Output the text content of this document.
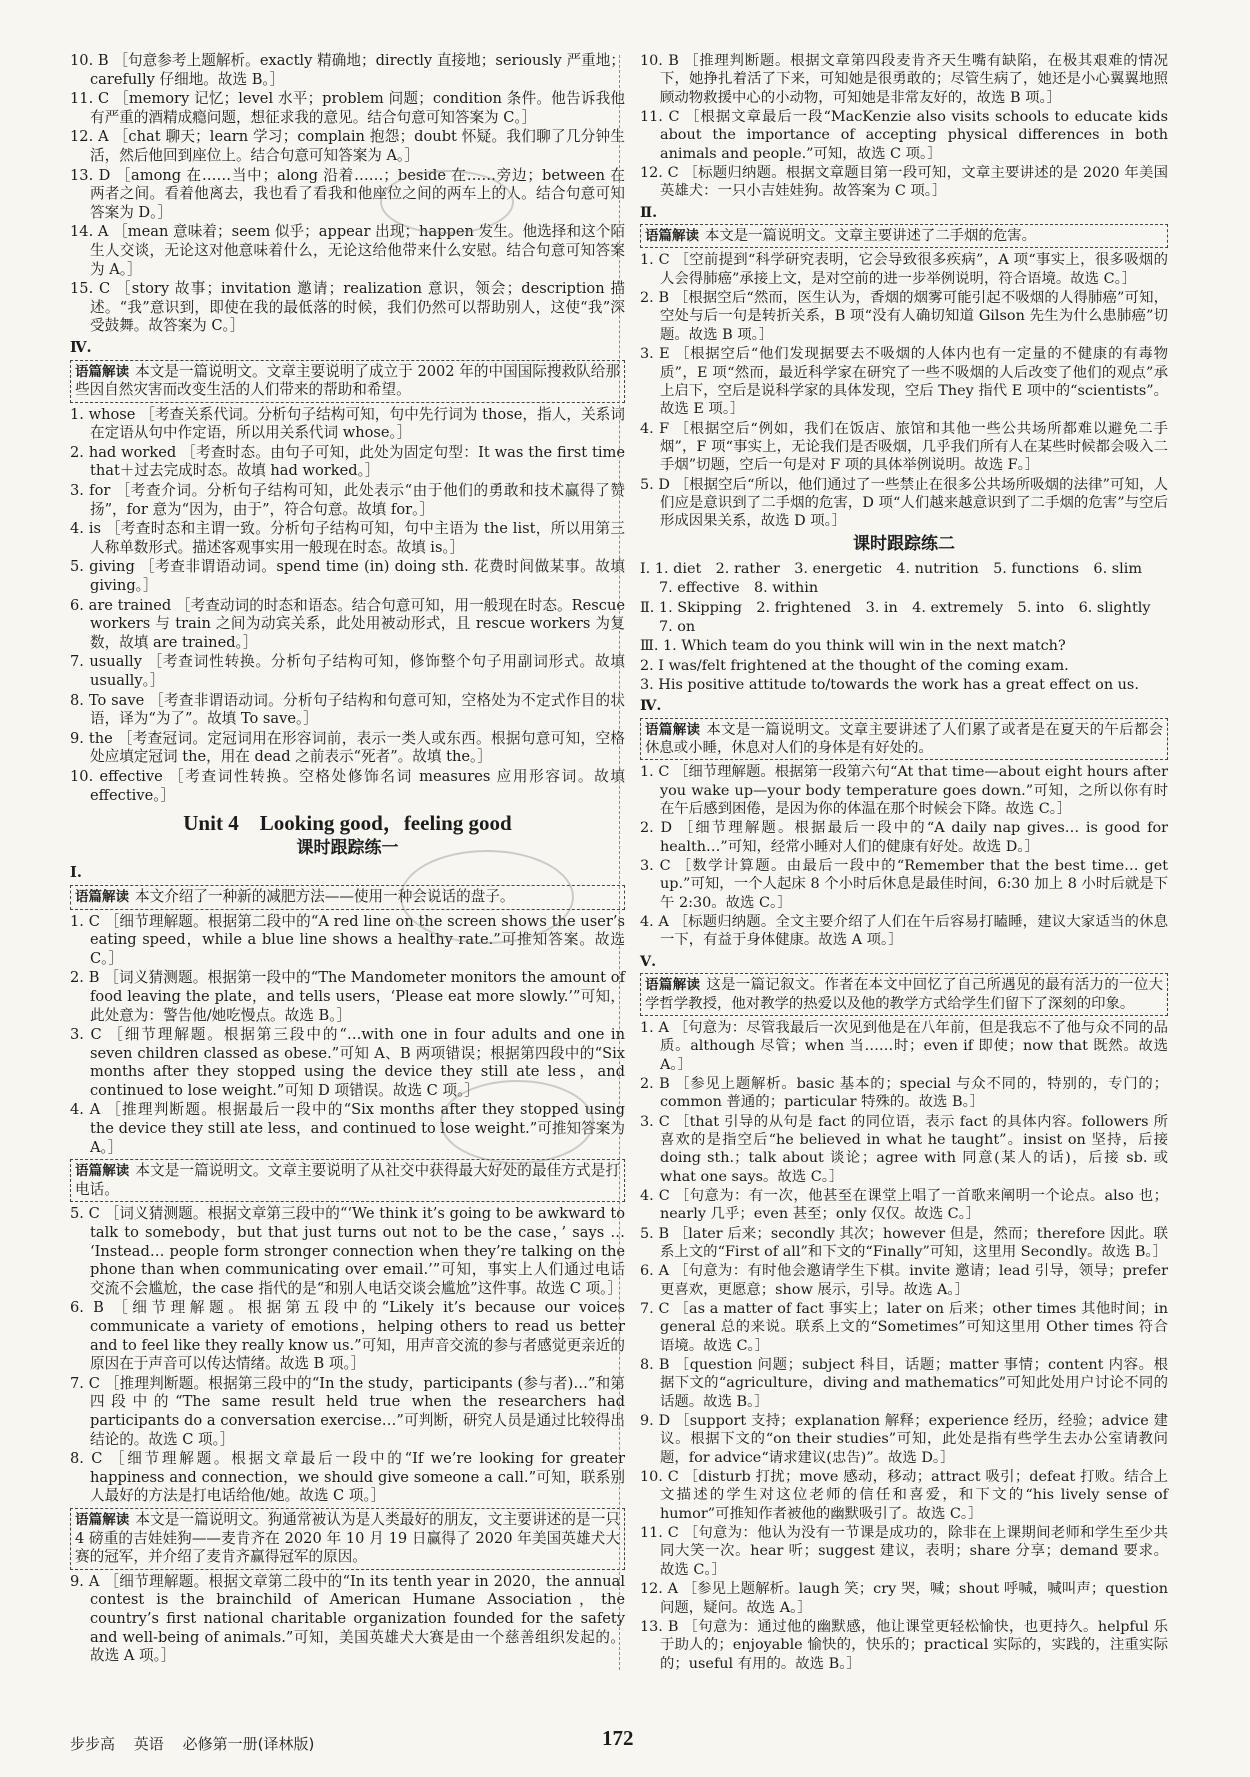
10. B ［句意参考上题解析。exactly 精确地；directly 直接地；seriously 严重地；carefully 仔细地。故选 B。］
11. C ［memory 记忆；level 水平；problem 问题；condition 条件。他告诉我他有严重的酒精成瘾问题，想征求我的意见。结合句意可知答案为 C。］
12. A ［chat 聊天；learn 学习；complain 抱怨；doubt 怀疑。我们聊了几分钟生活，然后他回到座位上。结合句意可知答案为 A。］
13. D ［among 在……当中；along 沿着……；beside 在……旁边；between 在两者之间。看着他离去，我也看了看我和他座位之间的两车上的人。结合句意可知答案为 D。］
14. A ［mean 意味着；seem 似乎；appear 出现；happen 发生。他选择和这个陌生人交谈，无论这对他意味着什么，无论这给他带来什么安慰。结合句意可知答案为 A。］
15. C ［story 故事；invitation 邀请；realization 意识，领会；description 描述。“我”意识到，即使在我的最低落的时候，我们仍然可以帮助别人，这使“我”深受鼓舞。故答案为 C。］
Ⅳ.
语篇解读 本文是一篇说明文。文章主要说明了成立于 2002 年的中国国际搜救队给那些因自然灾害而改变生活的人们带来的帮助和希望。
1. whose ［考查关系代词。分析句子结构可知，句中先行词为 those，指人，关系词在定语从句中作定语，所以用关系代词 whose。］
2. had worked ［考查时态。由句子可知，此处为固定句型：It was the first time that＋过去完成时态。故填 had worked。］
3. for ［考查介词。分析句子结构可知，此处表示“由于他们的勇敢和技术赢得了赞扬”，for 意为“因为，由于”，符合句意。故填 for。］
4. is ［考查时态和主谓一致。分析句子结构可知，句中主语为 the list，所以用第三人称单数形式。描述客观事实用一般现在时态。故填 is。］
5. giving ［考查非谓语动词。spend time (in) doing sth. 花费时间做某事。故填 giving。］
6. are trained ［考查动词的时态和语态。结合句意可知，用一般现在时态。Rescue workers 与 train 之间为动宾关系，此处用被动形式，且 rescue workers 为复数，故填 are trained。］
7. usually ［考查词性转换。分析句子结构可知，修饰整个句子用副词形式。故填 usually。］
8. To save ［考查非谓语动词。分析句子结构和句意可知，空格处为不定式作目的状语，译为“为了”。故填 To save。］
9. the ［考查冠词。定冠词用在形容词前，表示一类人或东西。根据句意可知，空格处应填定冠词 the，用在 dead 之前表示“死者”。故填 the。］
10. effective ［考查词性转换。空格处修饰名词 measures 应用形容词。故填 effective。］
Unit 4　Looking good，feeling good
课时跟踪练一
Ⅰ.
语篇解读 本文介绍了一种新的减肥方法——使用一种会说话的盘子。
1. C ［细节理解题。根据第二段中的“A red line on the screen shows the user’s eating speed，while a blue line shows a healthy rate.”可推知答案。故选 C。］
2. B ［词义猜测题。根据第一段中的“The Mandometer monitors the amount of food leaving the plate，and tells users，‘Please eat more slowly.’”可知，此处意为：警告他/她吃慢点。故选 B。］
3. C ［细节理解题。根据第三段中的“…with one in four adults and one in seven children classed as obese.”可知 A、B 两项错误；根据第四段中的“Six months after they stopped using the device they still ate less，and continued to lose weight.”可知 D 项错误。故选 C 项。］
4. A ［推理判断题。根据最后一段中的“Six months after they stopped using the device they still ate less，and continued to lose weight.”可推知答案为 A。］
语篇解读 本文是一篇说明文。文章主要说明了从社交中获得最大好处的最佳方式是打电话。
5. C ［词义猜测题。根据文章第三段中的“‘We think it’s going to be awkward to talk to somebody，but that just turns out not to be the case，’ says … ‘Instead… people form stronger connection when they’re talking on the phone than when communicating over email.’”可知，事实上人们通过电话交流不会尴尬，the case 指代的是“和别人电话交谈会尴尬”这件事。故选 C 项。］
6. B ［细节理解题。根据第五段中的“Likely it’s because our voices communicate a variety of emotions，helping others to read us better and to feel like they really know us.”可知，用声音交流的参与者感觉更亲近的原因在于声音可以传达情绪。故选 B 项。］
7. C ［推理判断题。根据第三段中的“In the study，participants (参与者)…”和第四段中的“The same result held true when the researchers had participants do a conversation exercise…”可判断，研究人员是通过比较得出结论的。故选 C 项。］
8. C ［细节理解题。根据文章最后一段中的“If we’re looking for greater happiness and connection，we should give someone a call.”可知，联系别人最好的方法是打电话给他/她。故选 C 项。］
语篇解读 本文是一篇说明文。狗通常被认为是人类最好的朋友，文主要讲述的是一只 4 磅重的吉娃娃狗——麦肯齐在 2020 年 10 月 19 日赢得了 2020 年美国英雄犬大赛的冠军，并介绍了麦肯齐赢得冠军的原因。
9. A ［细节理解题。根据文章第二段中的“In its tenth year in 2020，the annual contest is the brainchild of American Humane Association，the country’s first national charitable organization founded for the safety and well-being of animals.”可知，美国英雄犬大赛是由一个慈善组织发起的。故选 A 项。］
10. B ［推理判断题。根据文章第四段麦肯齐天生嘴有缺陷，在极其艰难的情况下，她挣扎着活了下来，可知她是很勇敢的；尽管生病了，她还是小心翼翼地照顾动物救援中心的小动物，可知她是非常友好的，故选 B 项。］
11. C ［根据文章最后一段“MacKenzie also visits schools to educate kids about the importance of accepting physical differences in both animals and people.”可知，故选 C 项。］
12. C ［标题归纳题。根据文章题目第一段可知，文章主要讲述的是 2020 年美国英雄犬：一只小吉娃娃狗。故答案为 C 项。］
Ⅱ.
语篇解读 本文是一篇说明文。文章主要讲述了二手烟的危害。
1. C ［空前提到“科学研究表明，它会导致很多疾病”，A 项“事实上，很多吸烟的人会得肺癌”承接上文，是对空前的进一步举例说明，符合语境。故选 C。］
2. B ［根据空后“然而，医生认为，香烟的烟雾可能引起不吸烟的人得肺癌”可知，空处与后一句是转折关系，B 项“没有人确切知道 Gilson 先生为什么患肺癌”切题。故选 B 项。］
3. E ［根据空后“他们发现据要去不吸烟的人体内也有一定量的不健康的有毒物质”，E 项“然而，最近科学家在研究了一些不吸烟的人后改变了他们的观点”承上启下，空后是说科学家的具体发现，空后 They 指代 E 项中的“scientists”。故选 E 项。］
4. F ［根据空后“例如，我们在饭店、旅馆和其他一些公共场所都难以避免二手烟”，F 项“事实上，无论我们是否吸烟，几乎我们所有人在某些时候都会吸入二手烟”切题，空后一句是对 F 项的具体举例说明。故选 F。］
5. D ［根据空后“所以，他们通过了一些禁止在很多公共场所吸烟的法律”可知，人们应是意识到了二手烟的危害，D 项“人们越来越意识到了二手烟的危害”与空后形成因果关系，故选 D 项。］
课时跟踪练二
Ⅰ. 1. diet　2. rather　3. energetic　4. nutrition　5. functions　6. slim
　 7. effective　8. within
Ⅱ. 1. Skipping　2. frightened　3. in　4. extremely　5. into　6. slightly
　 7. on
Ⅲ. 1. Which team do you think will win in the next match?
2. I was/felt frightened at the thought of the coming exam.
3. His positive attitude to/towards the work has a great effect on us.
Ⅳ.
语篇解读 本文是一篇说明文。文章主要讲述了人们累了或者是在夏天的午后都会休息或小睡，休息对人们的身体是有好处的。
1. C ［细节理解题。根据第一段第六句“At that time—about eight hours after you wake up—your body temperature goes down.”可知，之所以你有时在午后感到困倦，是因为你的体温在那个时候会下降。故选 C。］
2. D ［细节理解题。根据最后一段中的“A daily nap gives… is good for health…”可知，经常小睡对人们的健康有好处。故选 D。］
3. C ［数学计算题。由最后一段中的“Remember that the best time… get up.”可知，一个人起床 8 个小时后休息是最佳时间，6:30 加上 8 小时后就是下午 2:30。故选 C。］
4. A ［标题归纳题。全文主要介绍了人们在午后容易打瞌睡，建议大家适当的休息一下，有益于身体健康。故选 A 项。］
Ⅴ.
语篇解读 这是一篇记叙文。作者在本文中回忆了自己所遇见的最有活力的一位大学哲学教授，他对教学的热爱以及他的教学方式给学生们留下了深刻的印象。
1. A ［句意为：尽管我最后一次见到他是在八年前，但是我忘不了他与众不同的品质。although 尽管；when 当……时；even if 即使；now that 既然。故选 A。］
2. B ［参见上题解析。basic 基本的；special 与众不同的，特别的，专门的；common 普通的；particular 特殊的。故选 B。］
3. C ［that 引导的从句是 fact 的同位语，表示 fact 的具体内容。followers 所喜欢的是指空后“he believed in what he taught”。insist on 坚持，后接 doing sth.；talk about 谈论；agree with 同意(某人的话)，后接 sb. 或 what one says。故选 C。］
4. C ［句意为：有一次，他甚至在课堂上唱了一首歌来阐明一个论点。also 也；nearly 几乎；even 甚至；only 仅仅。故选 C。］
5. B ［later 后来；secondly 其次；however 但是，然而；therefore 因此。联系上文的“First of all”和下文的“Finally”可知，这里用 Secondly。故选 B。］
6. A ［句意为：有时他会邀请学生下棋。invite 邀请；lead 引导，领导；prefer 更喜欢，更愿意；show 展示，引导。故选 A。］
7. C ［as a matter of fact 事实上；later on 后来；other times 其他时间；in general 总的来说。联系上文的“Sometimes”可知这里用 Other times 符合语境。故选 C。］
8. B ［question 问题；subject 科目，话题；matter 事情；content 内容。根据下文的“agriculture，diving and mathematics”可知此处用户讨论不同的话题。故选 B。］
9. D ［support 支持；explanation 解释；experience 经历，经验；advice 建议。根据下文的“on their studies”可知，此处是指有些学生去办公室请教问题，for advice“请求建议(忠告)”。故选 D。］
10. C ［disturb 打扰；move 感动，移动；attract 吸引；defeat 打败。结合上文描述的学生对这位老师的信任和喜爱，和下文的“his lively sense of humor”可推知作者被他的幽默吸引了。故选 C。］
11. C ［句意为：他认为没有一节课是成功的，除非在上课期间老师和学生至少共同大笑一次。hear 听；suggest 建议，表明；share 分享；demand 要求。故选 C。］
12. A ［参见上题解析。laugh 笑；cry 哭，喊；shout 呼喊，喊叫声；question 问题，疑问。故选 A。］
13. B ［句意为：通过他的幽默感，他让课堂更轻松愉快，也更持久。helpful 乐于助人的；enjoyable 愉快的，快乐的；practical 实际的，实践的，注重实际的；useful 有用的。故选 B。］
步步高 英语 必修第一册(译林版)	172
